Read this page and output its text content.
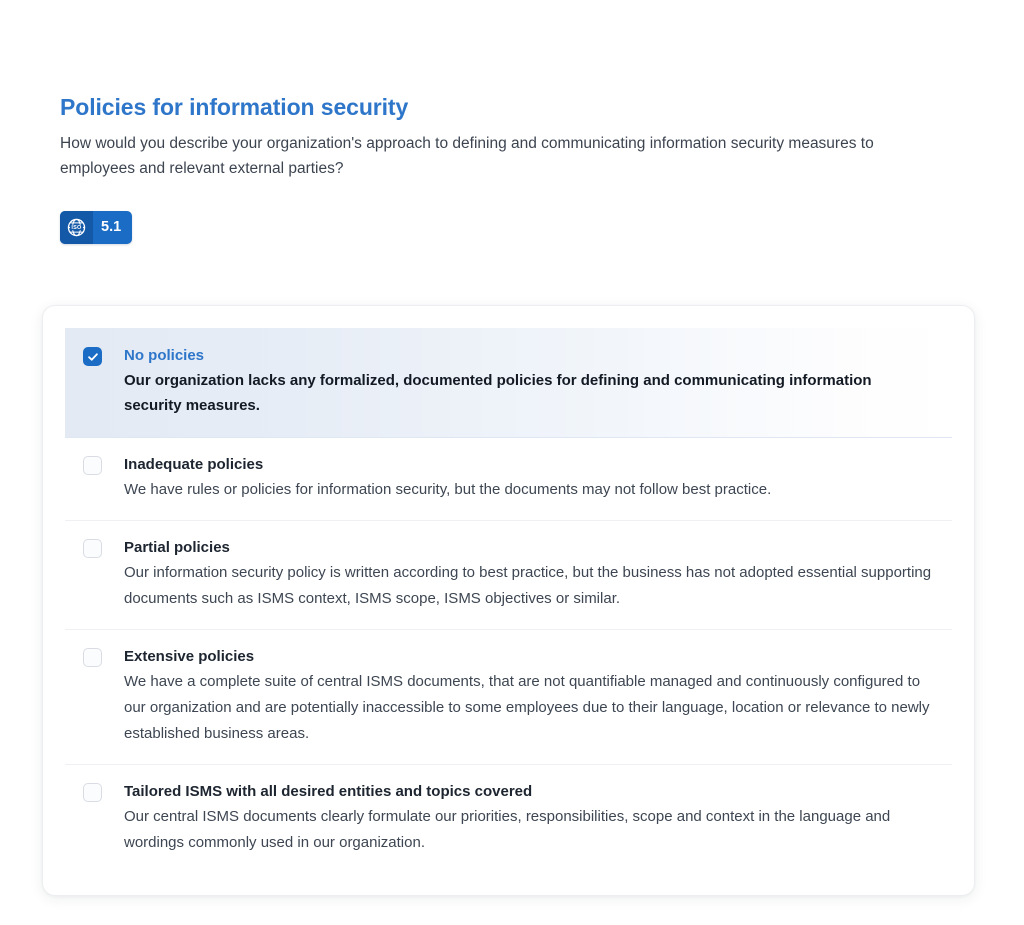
Policies for information security

How would you describe your organization's approach to defining and communicating information security measures to employees and relevant external parties?

ISO	5.1
No policies
Our organization lacks any formalized, documented policies for defining and communicating information security measures.
Inadequate policies
We have rules or policies for information security, but the documents may not follow best practice.
Partial policies
Our information security policy is written according to best practice, but the business has not adopted essential supporting documents such as ISMS context, ISMS scope, ISMS objectives or similar.
Extensive policies
We have a complete suite of central ISMS documents, that are not quantifiable managed and continuously configured to our organization and are potentially inaccessible to some employees due to their language, location or relevance to newly established business areas.
Tailored ISMS with all desired entities and topics covered
Our central ISMS documents clearly formulate our priorities, responsibilities, scope and context in the language and wordings commonly used in our organization.
